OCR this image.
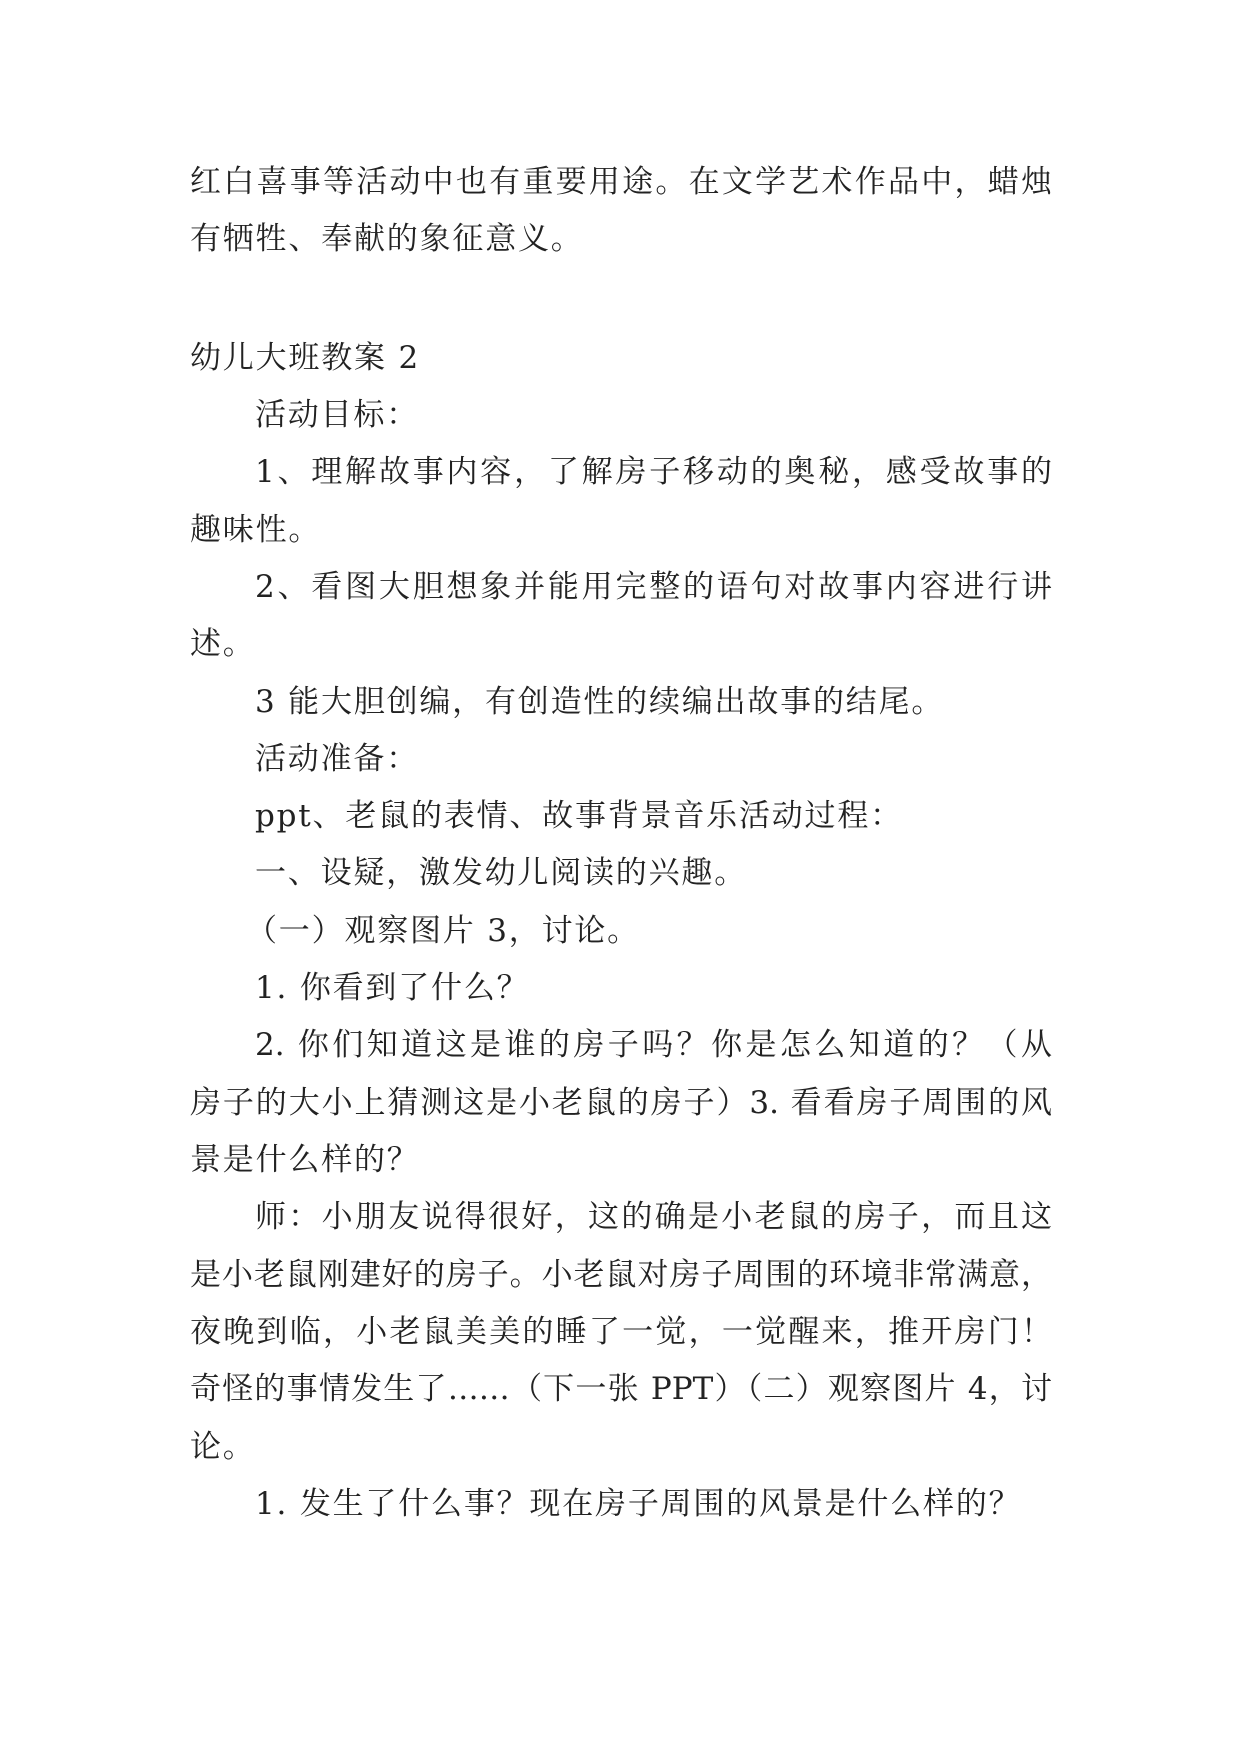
红白喜事等活动中也有重要用途。在文学艺术作品中，蜡烛

有牺牲、奉献的象征意义。

幼儿大班教案 2

活动目标：

1、理解故事内容，了解房子移动的奥秘，感受故事的

趣味性。

2、看图大胆想象并能用完整的语句对故事内容进行讲

述。

3 能大胆创编，有创造性的续编出故事的结尾。

活动准备：

ppt、老鼠的表情、故事背景音乐活动过程：

一、设疑，激发幼儿阅读的兴趣。

（一）观察图片 3，讨论。

1. 你看到了什么？

2. 你们知道这是谁的房子吗？你是怎么知道的？（从

房子的大小上猜测这是小老鼠的房子）3. 看看房子周围的风

景是什么样的？

师：小朋友说得很好，这的确是小老鼠的房子，而且这

是小老鼠刚建好的房子。小老鼠对房子周围的环境非常满意，

夜晚到临，小老鼠美美的睡了一觉，一觉醒来，推开房门！

奇怪的事情发生了……（下一张 PPT）（二）观察图片 4，讨

论。

1. 发生了什么事？现在房子周围的风景是什么样的？
